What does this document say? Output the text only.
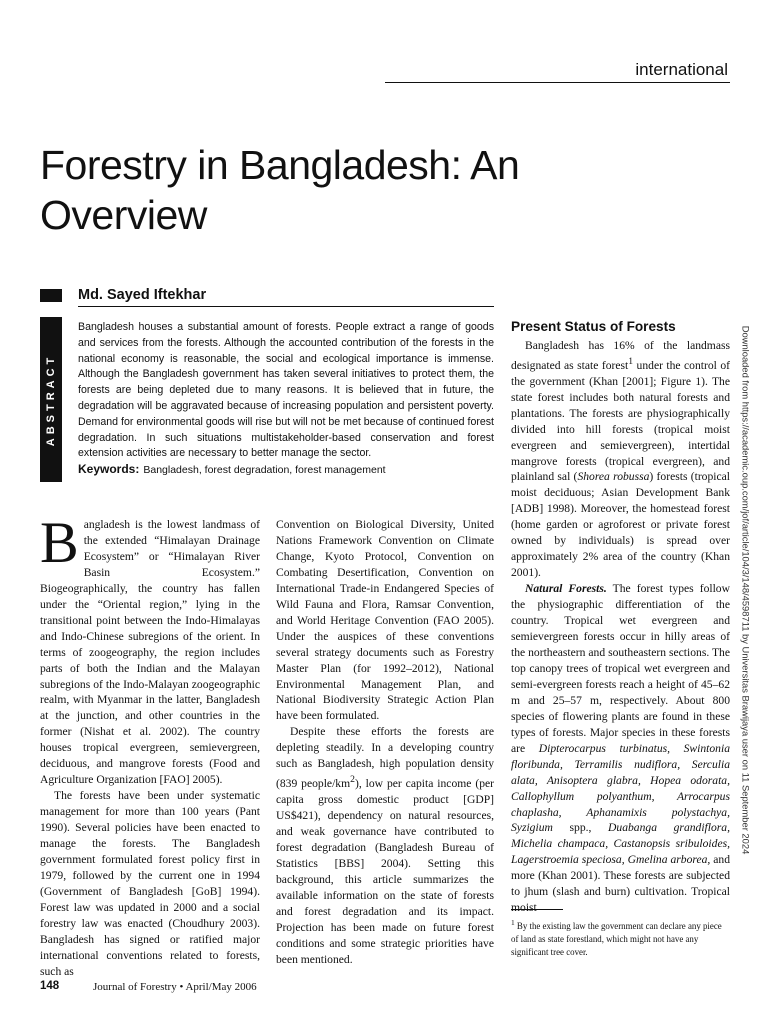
international
Forestry in Bangladesh: An Overview
Md. Sayed Iftekhar
ABSTRACT

Bangladesh houses a substantial amount of forests. People extract a range of goods and services from the forests. Although the accounted contribution of the forests in the national economy is reasonable, the social and ecological importance is immense. Although the Bangladesh government has taken several initiatives to protect them, the forests are being depleted due to many reasons. It is believed that in future, the degradation will be aggravated because of increasing population and persistent poverty. Demand for environmental goods will rise but will not be met because of continued forest degradation. In such situations multistakeholder-based conservation and forest extension activities are necessary to better manage the sector.

Keywords: Bangladesh, forest degradation, forest management

Bangladesh is the lowest landmass of the extended “Himalayan Drainage Ecosystem” or “Himalayan River Basin Ecosystem.” Biogeographically, the country has fallen under the “Oriental region,” lying in the transitional point between the Indo-Himalayas and Indo-Chinese subregions of the orient. In terms of zoogeography, the region includes parts of both the Indian and the Malayan subregions of the Indo-Malayan zoogeographic realm, with Myanmar in the latter, Bangladesh at the junction, and other countries in the former (Nishat et al. 2002). The country houses tropical evergreen, semievergreen, deciduous, and mangrove forests (Food and Agriculture Organization [FAO] 2005).

The forests have been under systematic management for more than 100 years (Pant 1990). Several policies have been enacted to manage the forests. The Bangladesh government formulated forest policy first in 1979, followed by the current one in 1994 (Government of Bangladesh [GoB] 1994). Forest law was updated in 2000 and a social forestry law was enacted (Choudhury 2003). Bangladesh has signed or ratified major international conventions related to forests, such as

Convention on Biological Diversity, United Nations Framework Convention on Climate Change, Kyoto Protocol, Convention on Combating Desertification, Convention on International Trade-in Endangered Species of Wild Fauna and Flora, Ramsar Convention, and World Heritage Convention (FAO 2005). Under the auspices of these conventions several strategy documents such as Forestry Master Plan (for 1992–2012), National Environmental Management Plan, and National Biodiversity Strategic Action Plan have been formulated.

Despite these efforts the forests are depleting steadily. In a developing country such as Bangladesh, high population density (839 people/$km^2$), low per capita income (per capita gross domestic product [GDP] US$421), dependency on natural resources, and weak governance have contributed to forest degradation (Bangladesh Bureau of Statistics [BBS] 2004). Setting this background, this article summarizes the available information on the state of forests and forest degradation and its impact. Projection has been made on future forest conditions and some strategic priorities have been mentioned.

Present Status of Forests

Bangladesh has 16% of the landmass designated as state forest$^1$ under the control of the government (Khan [2001]; Figure 1). The state forest includes both natural forests and plantations. The forests are physiographically divided into hill forests (tropical moist evergreen and semievergreen), intertidal mangrove forests (tropical evergreen), and plainland sal (Shorea robussa) forests (tropical moist deciduous; Asian Development Bank [ADB] 1998). Moreover, the homestead forest (home garden or agroforest or private forest owned by individuals) is spread over approximately 2% area of the country (Khan 2001).

Natural Forests. The forest types follow the physiographic differentiation of the country. Tropical wet evergreen and semievergreen forests occur in hilly areas of the northeastern and southeastern sections. The top canopy trees of tropical wet evergreen and semi-evergreen forests reach a height of 45–62 m and 25–57 m, respectively. About 800 species of flowering plants are found in these types of forests. Major species in these forests are Dipterocarpus turbinatus, Swintonia floribunda, Terramilis nudiflora, Serculia alata, Anisoptera glabra, Hopea odorata, Callophyllum polyanthum, Arrocarpus chaplasha, Aphanamixis polystachya, Syzigium spp., Duabanga grandiflora, Michelia champaca, Castanopsis sribuloides, Lagerstroemia speciosa, Gmelina arborea, and more (Khan 2001). These forests are subjected to jhum (slash and burn) cultivation. Tropical moist

$^1$ By the existing law the government can declare any piece of land as state forestland, which might not have any significant tree cover.
148	Journal of Forestry • April/May 2006
Downloaded from https://academic.oup.com/jof/article/104/3/148/4598711 by Universitas Brawijaya user on 11 September 2024
